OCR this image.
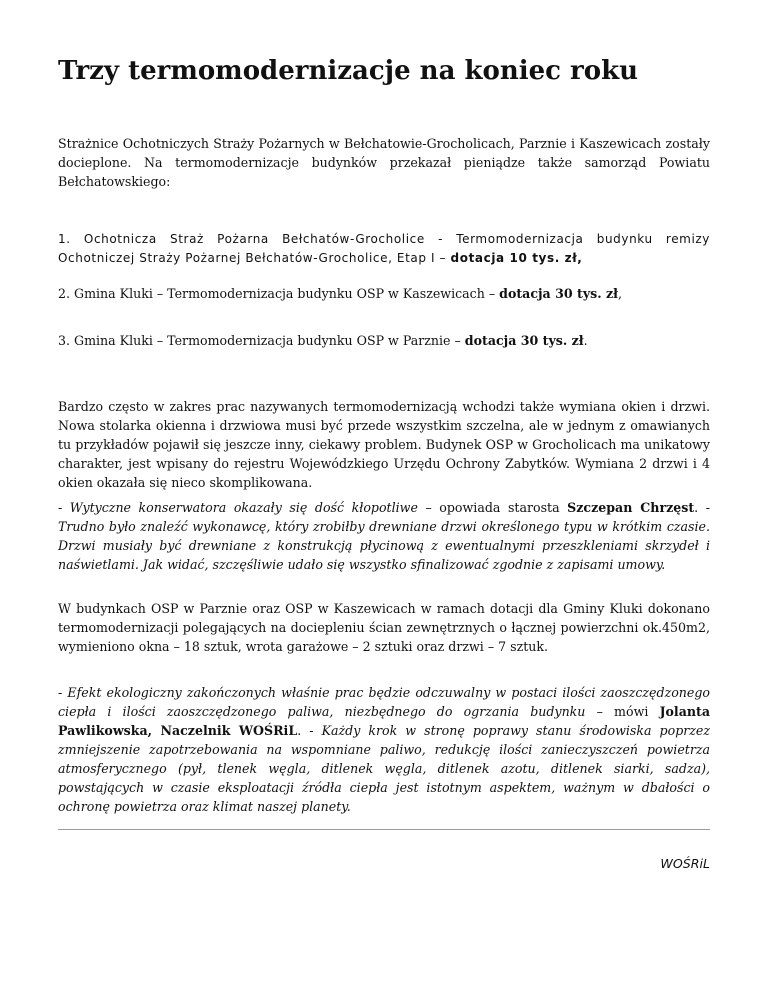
Trzy termomodernizacje na koniec roku

Strażnice Ochotniczych Straży Pożarnych w Bełchatowie-Grocholicach, Parznie i Kaszewicach zostały docieplone. Na termomodernizacje budynków przekazał pieniądze także samorząd Powiatu Bełchatowskiego:

1. Ochotnicza Straż Pożarna Bełchatów-Grocholice - Termomodernizacja budynku remizy Ochotniczej Straży Pożarnej Bełchatów-Grocholice, Etap I – dotacja 10 tys. zł,

2. Gmina Kluki – Termomodernizacja budynku OSP w Kaszewicach – dotacja 30 tys. zł,

3. Gmina Kluki – Termomodernizacja budynku OSP w Parznie – dotacja 30 tys. zł.

Bardzo często w zakres prac nazywanych termomodernizacją wchodzi także wymiana okien i drzwi. Nowa stolarka okienna i drzwiowa musi być przede wszystkim szczelna, ale w jednym z omawianych tu przykładów pojawił się jeszcze inny, ciekawy problem. Budynek OSP w Grocholicach ma unikatowy charakter, jest wpisany do rejestru Wojewódzkiego Urzędu Ochrony Zabytków. Wymiana 2 drzwi i 4 okien okazała się nieco skomplikowana.

- Wytyczne konserwatora okazały się dość kłopotliwe – opowiada starosta Szczepan Chrzęst. - Trudno było znaleźć wykonawcę, który zrobiłby drewniane drzwi określonego typu w krótkim czasie. Drzwi musiały być drewniane z konstrukcją płycinową z ewentualnymi przeszkleniami skrzydeł i naświetlami. Jak widać, szczęśliwie udało się wszystko sfinalizować zgodnie z zapisami umowy.

W budynkach OSP w Parznie oraz OSP w Kaszewicach w ramach dotacji dla Gminy Kluki dokonano termomodernizacji polegających na dociepleniu ścian zewnętrznych o łącznej powierzchni ok.450m2, wymieniono okna – 18 sztuk, wrota garażowe – 2 sztuki oraz drzwi – 7 sztuk.

- Efekt ekologiczny zakończonych właśnie prac będzie odczuwalny w postaci ilości zaoszczędzonego ciepła i ilości zaoszczędzonego paliwa, niezbędnego do ogrzania budynku – mówi Jolanta Pawlikowska, Naczelnik WOŚRiL. - Każdy krok w stronę poprawy stanu środowiska poprzez zmniejszenie zapotrzebowania na wspomniane paliwo, redukcję ilości zanieczyszczeń powietrza atmosferycznego (pył, tlenek węgla, ditlenek węgla, ditlenek azotu, ditlenek siarki, sadza), powstających w czasie eksploatacji źródła ciepła jest istotnym aspektem, ważnym w dbałości o ochronę powietrza oraz klimat naszej planety.

WOŚRiL
